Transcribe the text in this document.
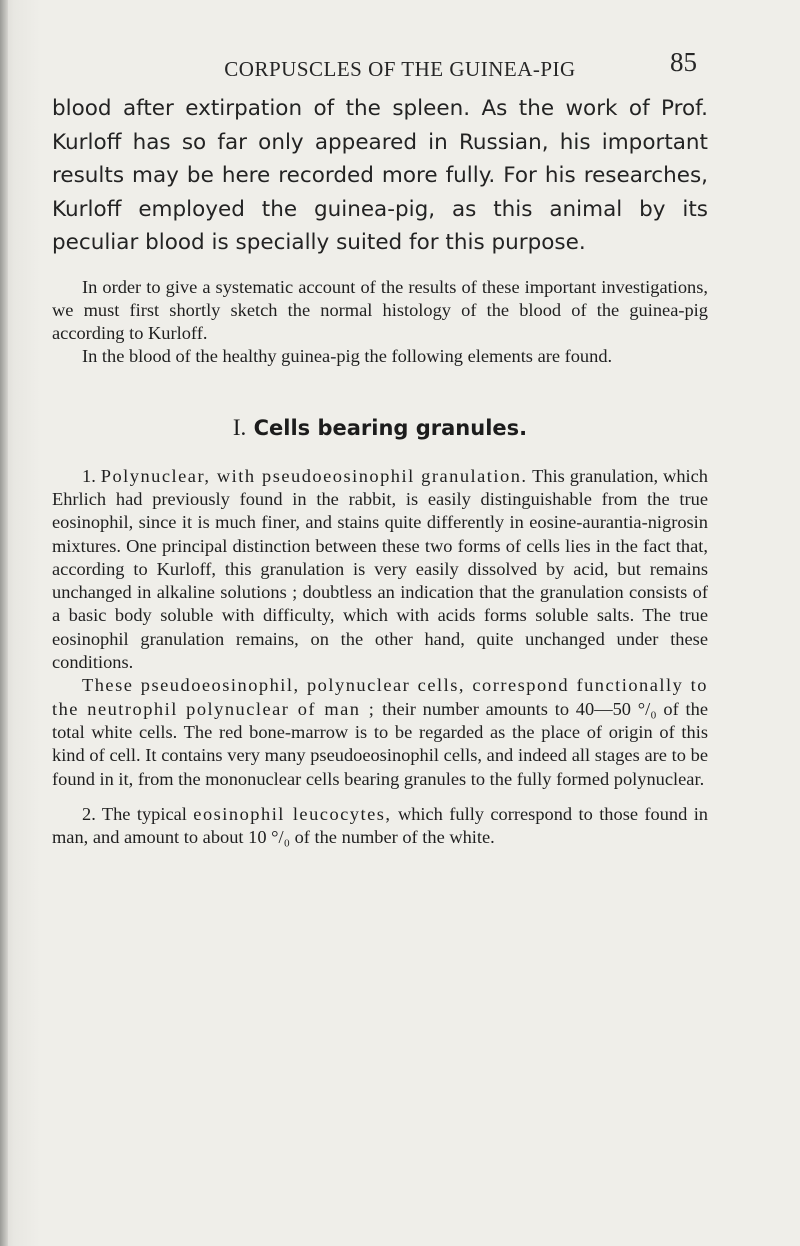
CORPUSCLES OF THE GUINEA-PIG	85

blood after extirpation of the spleen. As the work of Prof. Kurloff has so far only appeared in Russian, his important results may be here recorded more fully. For his researches, Kurloff employed the guinea-pig, as this animal by its peculiar blood is specially suited for this purpose.

In order to give a systematic account of the results of these important investigations, we must first shortly sketch the normal histology of the blood of the guinea-pig according to Kurloff.

In the blood of the healthy guinea-pig the following elements are found.

I. Cells bearing granules.

1. Polynuclear, with pseudoeosinophil granulation. This granulation, which Ehrlich had previously found in the rabbit, is easily distinguishable from the true eosinophil, since it is much finer, and stains quite differently in eosine-aurantia-nigrosin mixtures. One principal distinction between these two forms of cells lies in the fact that, according to Kurloff, this granulation is very easily dissolved by acid, but remains unchanged in alkaline solutions ; doubtless an indication that the granulation consists of a basic body soluble with difficulty, which with acids forms soluble salts. The true eosinophil granulation remains, on the other hand, quite unchanged under these conditions.

These pseudoeosinophil, polynuclear cells, correspond functionally to the neutrophil polynuclear of man ; their number amounts to 40—50 °/₀ of the total white cells. The red bone-marrow is to be regarded as the place of origin of this kind of cell. It contains very many pseudoeosinophil cells, and indeed all stages are to be found in it, from the mononuclear cells bearing granules to the fully formed polynuclear.

2. The typical eosinophil leucocytes, which fully correspond to those found in man, and amount to about 10 °/₀ of the number of the white.
